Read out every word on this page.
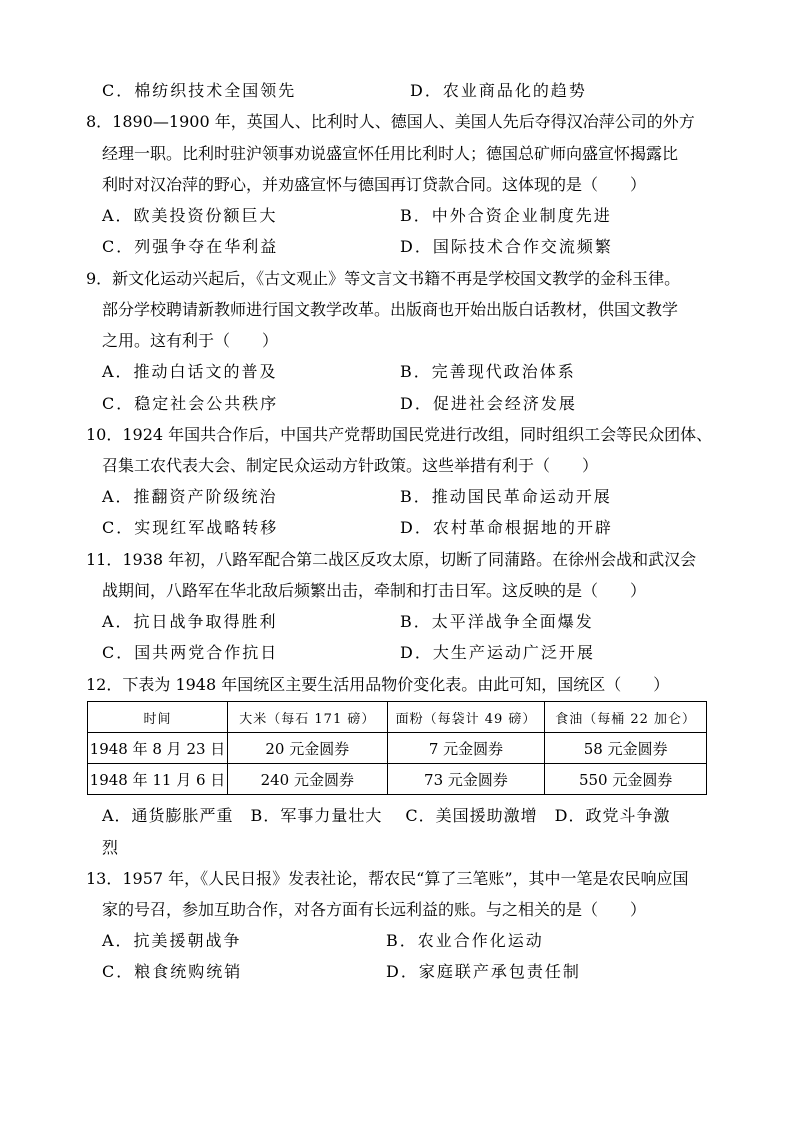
C．棉纺织技术全国领先	D．农业商品化的趋势
8．1890—1900 年，英国人、比利时人、德国人、美国人先后夺得汉冶萍公司的外方
经理一职。比利时驻沪领事劝说盛宣怀任用比利时人；德国总矿师向盛宣怀揭露比
利时对汉冶萍的野心，并劝盛宣怀与德国再订贷款合同。这体现的是（　　）
A．欧美投资份额巨大	B．中外合资企业制度先进
C．列强争夺在华利益	D．国际技术合作交流频繁
9．新文化运动兴起后，《古文观止》等文言文书籍不再是学校国文教学的金科玉律。
部分学校聘请新教师进行国文教学改革。出版商也开始出版白话教材，供国文教学
之用。这有利于（　　）
A．推动白话文的普及	B．完善现代政治体系
C．稳定社会公共秩序	D．促进社会经济发展
10．1924 年国共合作后，中国共产党帮助国民党进行改组，同时组织工会等民众团体、
召集工农代表大会、制定民众运动方针政策。这些举措有利于（　　）
A．推翻资产阶级统治	B．推动国民革命运动开展
C．实现红军战略转移	D．农村革命根据地的开辟
11．1938 年初，八路军配合第二战区反攻太原，切断了同蒲路。在徐州会战和武汉会
战期间，八路军在华北敌后频繁出击，牵制和打击日军。这反映的是（　　）
A．抗日战争取得胜利	B．太平洋战争全面爆发
C．国共两党合作抗日	D．大生产运动广泛开展
12．下表为 1948 年国统区主要生活用品物价变化表。由此可知，国统区（　　）
时间	大米（每石 171 磅）	面粉（每袋计 49 磅）	食油（每桶 22 加仑）
1948 年 8 月 23 日	20 元金圆券	7 元金圆券	58 元金圆券
1948 年 11 月 6 日	240 元金圆券	73 元金圆券	550 元金圆券
A．通货膨胀严重　B．军事力量壮大　 C．美国援助激增　D．政党斗争激
烈
13．1957 年，《人民日报》发表社论，帮农民“算了三笔账”，其中一笔是农民响应国
家的号召，参加互助合作，对各方面有长远利益的账。与之相关的是（　　）
A．抗美援朝战争	B．农业合作化运动
C．粮食统购统销	D．家庭联产承包责任制
